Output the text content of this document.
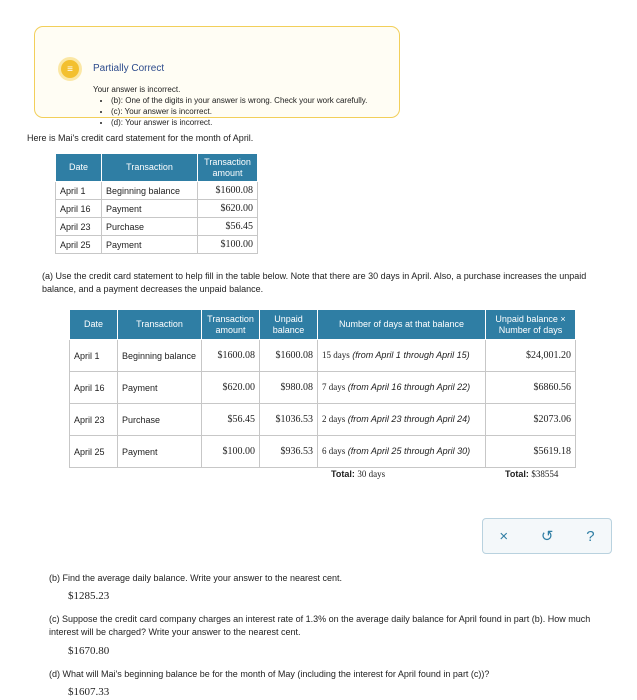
≡	Partially Correct
Your answer is incorrect.
• (b): One of the digits in your answer is wrong. Check your work carefully.
• (c): Your answer is incorrect.
• (d): Your answer is incorrect.
Here is Mai's credit card statement for the month of April.
Date	Transaction	Transaction amount
April 1	Beginning balance	$1600.08
April 16	Payment	$620.00
April 23	Purchase	$56.45
April 25	Payment	$100.00
(a) Use the credit card statement to help fill in the table below. Note that there are 30 days in April. Also, a purchase increases the unpaid balance, and a payment decreases the unpaid balance.
Date	Transaction	Transaction amount	Unpaid balance	Number of days at that balance	Unpaid balance × Number of days
April 1	Beginning balance	$1600.08	$1600.08	15 days (from April 1 through April 15)	$24,001.20
April 16	Payment	$620.00	$980.08	7 days (from April 16 through April 22)	$6860.56
April 23	Purchase	$56.45	$1036.53	2 days (from April 23 through April 24)	$2073.06
April 25	Payment	$100.00	$936.53	6 days (from April 25 through April 30)	$5619.18
Total: 30 days	Total: $38554
× ↺ ?
(b) Find the average daily balance. Write your answer to the nearest cent.
$1285.23
(c) Suppose the credit card company charges an interest rate of 1.3% on the average daily balance for April found in part (b). How much interest will be charged? Write your answer to the nearest cent.
$1670.80
(d) What will Mai's beginning balance be for the month of May (including the interest for April found in part (c))?
$1607.33
